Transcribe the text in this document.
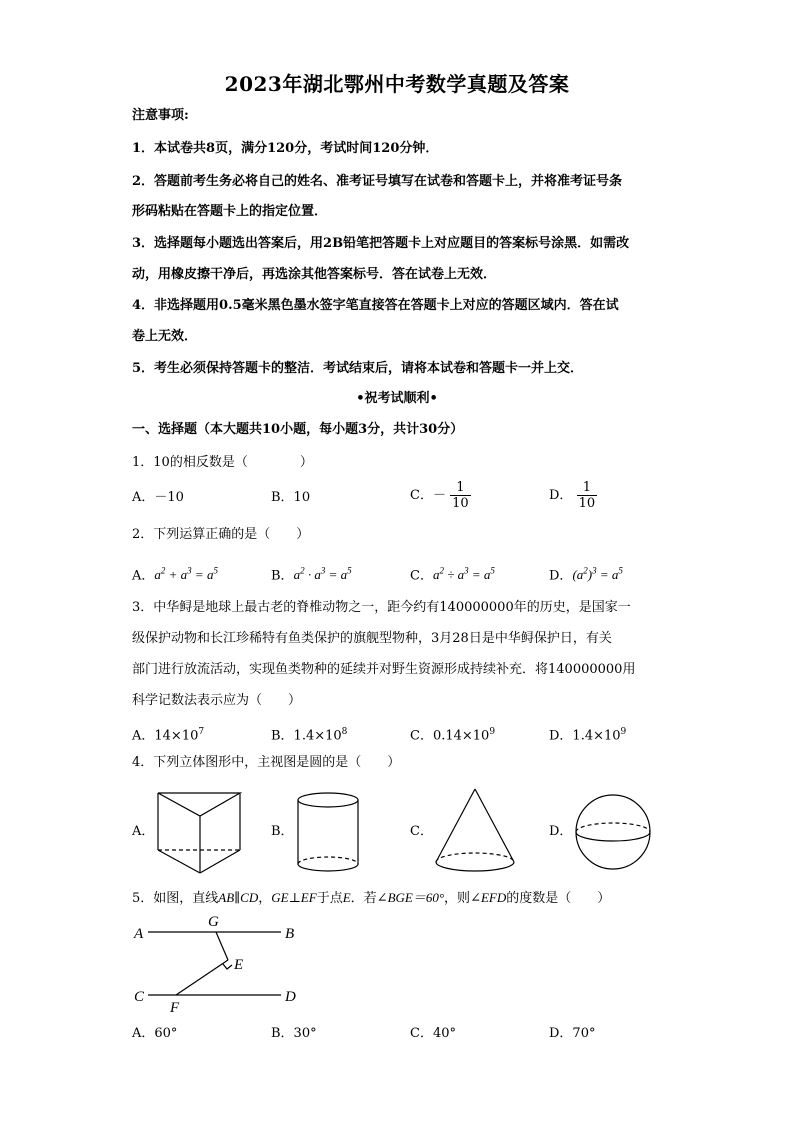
2023年湖北鄂州中考数学真题及答案
注意事项:
1．本试卷共8页，满分120分，考试时间120分钟．
2．答题前考生务必将自己的姓名、准考证号填写在试卷和答题卡上，并将准考证号条
形码粘贴在答题卡上的指定位置．
3．选择题每小题选出答案后，用2B铅笔把答题卡上对应题目的答案标号涂黑．如需改
动，用橡皮擦干净后，再选涂其他答案标号．答在试卷上无效．
4．非选择题用0.5毫米黑色墨水签字笔直接答在答题卡上对应的答题区域内．答在试
卷上无效．
5．考生必须保持答题卡的整洁．考试结束后，请将本试卷和答题卡一并上交．
•祝考试顺利•
一、选择题（本大题共10小题，每小题3分，共计30分）
1．10的相反数是（　　　　）
A．－10	B．10	C．－ $\frac{1}{10}$	D． $\frac{1}{10}$
2．下列运算正确的是（　　）
A．$a^2 + a^3 = a^5$	B．$a^2 \cdot a^3 = a^5$	C．$a^2 \div a^3 = a^5$	D．$(a^2)^3 = a^5$
3．中华鲟是地球上最古老的脊椎动物之一，距今约有140000000年的历史，是国家一
级保护动物和长江珍稀特有鱼类保护的旗舰型物种，3月28日是中华鲟保护日，有关
部门进行放流活动，实现鱼类物种的延续并对野生资源形成持续补充．将140000000用
科学记数法表示应为（　　）
A．$14\times 10^7$	B．$1.4\times 10^8$	C．$0.14\times 10^9$	D．$1.4\times 10^9$
4．下列立体图形中，主视图是圆的是（　　）
A．	B．	C．	D．
5．如图，直线AB∥CD，GE⊥EF于点E．若∠BGE＝60°，则∠EFD的度数是（　　）
A	B
C	D
G
E
F
A．60°	B．30°	C．40°	D．70°
